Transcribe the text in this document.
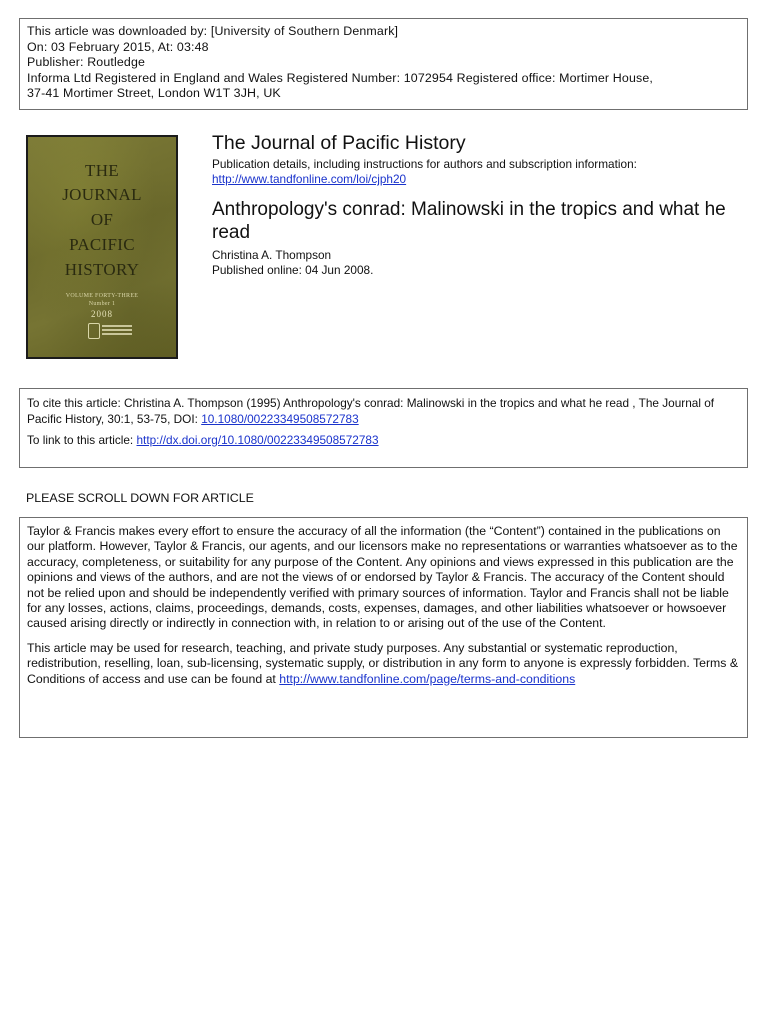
This article was downloaded by: [University of Southern Denmark]
On: 03 February 2015, At: 03:48
Publisher: Routledge
Informa Ltd Registered in England and Wales Registered Number: 1072954 Registered office: Mortimer House,
37-41 Mortimer Street, London W1T 3JH, UK
THE
JOURNAL
OF
PACIFIC
HISTORY
VOLUME FORTY-THREE
Number 1
2008
The Journal of Pacific History
Publication details, including instructions for authors and subscription information:
http://www.tandfonline.com/loi/cjph20
Anthropology's conrad: Malinowski in the tropics and what he read
Christina A. Thompson
Published online: 04 Jun 2008.

To cite this article: Christina A. Thompson (1995) Anthropology's conrad: Malinowski in the tropics and what he read , The Journal of Pacific History, 30:1, 53-75, DOI: 10.1080/00223349508572783

To link to this article: http://dx.doi.org/10.1080/00223349508572783

PLEASE SCROLL DOWN FOR ARTICLE

Taylor & Francis makes every effort to ensure the accuracy of all the information (the “Content”) contained in the publications on our platform. However, Taylor & Francis, our agents, and our licensors make no representations or warranties whatsoever as to the accuracy, completeness, or suitability for any purpose of the Content. Any opinions and views expressed in this publication are the opinions and views of the authors, and are not the views of or endorsed by Taylor & Francis. The accuracy of the Content should not be relied upon and should be independently verified with primary sources of information. Taylor and Francis shall not be liable for any losses, actions, claims, proceedings, demands, costs, expenses, damages, and other liabilities whatsoever or howsoever caused arising directly or indirectly in connection with, in relation to or arising out of the use of the Content.

This article may be used for research, teaching, and private study purposes. Any substantial or systematic reproduction, redistribution, reselling, loan, sub-licensing, systematic supply, or distribution in any form to anyone is expressly forbidden. Terms & Conditions of access and use can be found at http://www.tandfonline.com/page/terms-and-conditions
